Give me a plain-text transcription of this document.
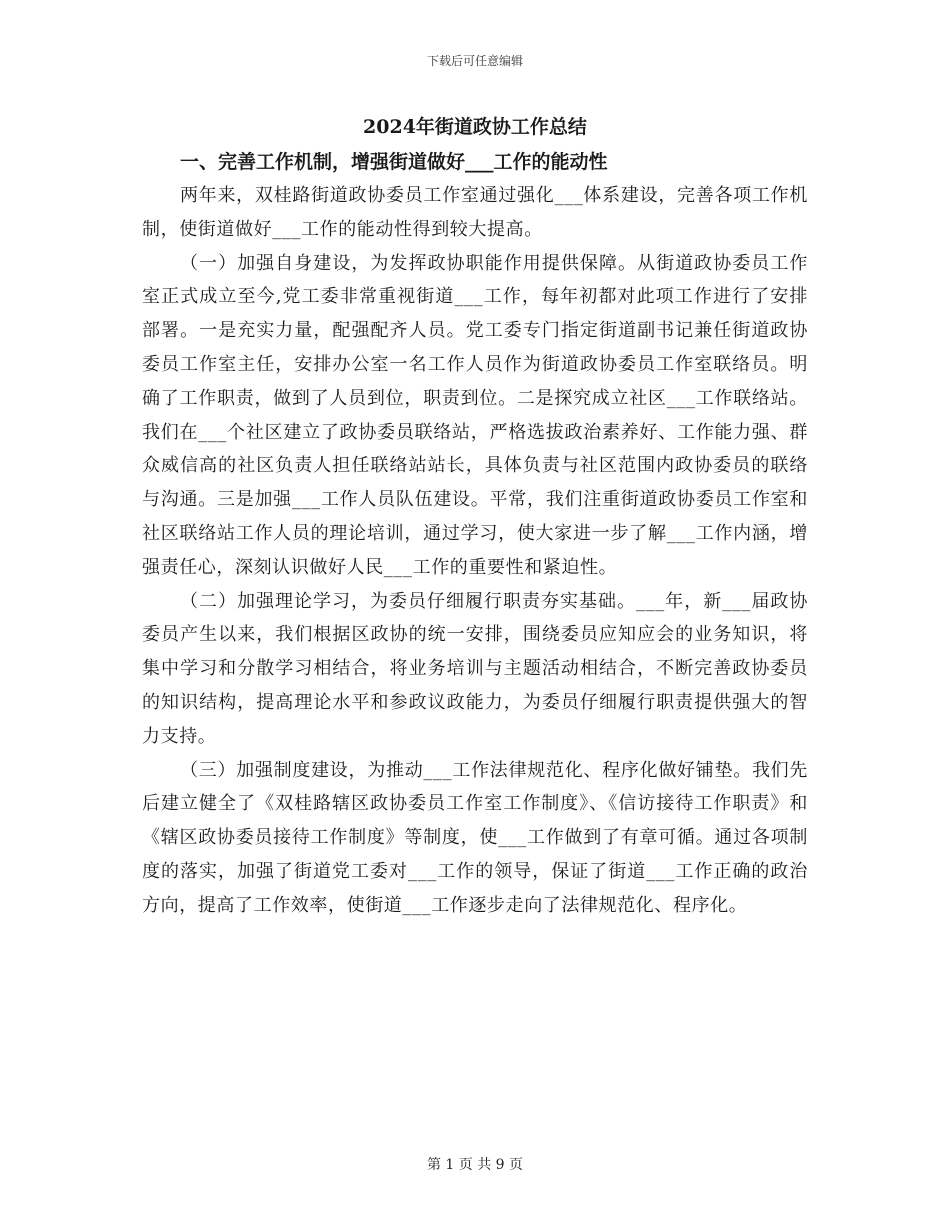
下载后可任意编辑
2024年街道政协工作总结
一、完善工作机制，增强街道做好___工作的能动性

两年来，双桂路街道政协委员工作室通过强化___体系建设，完善各项工作机制，使街道做好___工作的能动性得到较大提高。

（一）加强自身建设，为发挥政协职能作用提供保障。从街道政协委员工作室正式成立至今,党工委非常重视街道___工作，每年初都对此项工作进行了安排部署。一是充实力量，配强配齐人员。党工委专门指定街道副书记兼任街道政协委员工作室主任，安排办公室一名工作人员作为街道政协委员工作室联络员。明确了工作职责，做到了人员到位，职责到位。二是探究成立社区___工作联络站。我们在___个社区建立了政协委员联络站，严格选拔政治素养好、工作能力强、群众威信高的社区负责人担任联络站站长，具体负责与社区范围内政协委员的联络与沟通。三是加强___工作人员队伍建设。平常，我们注重街道政协委员工作室和社区联络站工作人员的理论培训，通过学习，使大家进一步了解___工作内涵，增强责任心，深刻认识做好人民___工作的重要性和紧迫性。

（二）加强理论学习，为委员仔细履行职责夯实基础。___年，新___届政协委员产生以来，我们根据区政协的统一安排，围绕委员应知应会的业务知识，将集中学习和分散学习相结合，将业务培训与主题活动相结合，不断完善政协委员的知识结构，提高理论水平和参政议政能力，为委员仔细履行职责提供强大的智力支持。

（三）加强制度建设，为推动___工作法律规范化、程序化做好铺垫。我们先后建立健全了《双桂路辖区政协委员工作室工作制度》、《信访接待工作职责》和《辖区政协委员接待工作制度》等制度，使___工作做到了有章可循。通过各项制度的落实，加强了街道党工委对___工作的领导，保证了街道___工作正确的政治方向，提高了工作效率，使街道___工作逐步走向了法律规范化、程序化。

第 1 页 共 9 页
